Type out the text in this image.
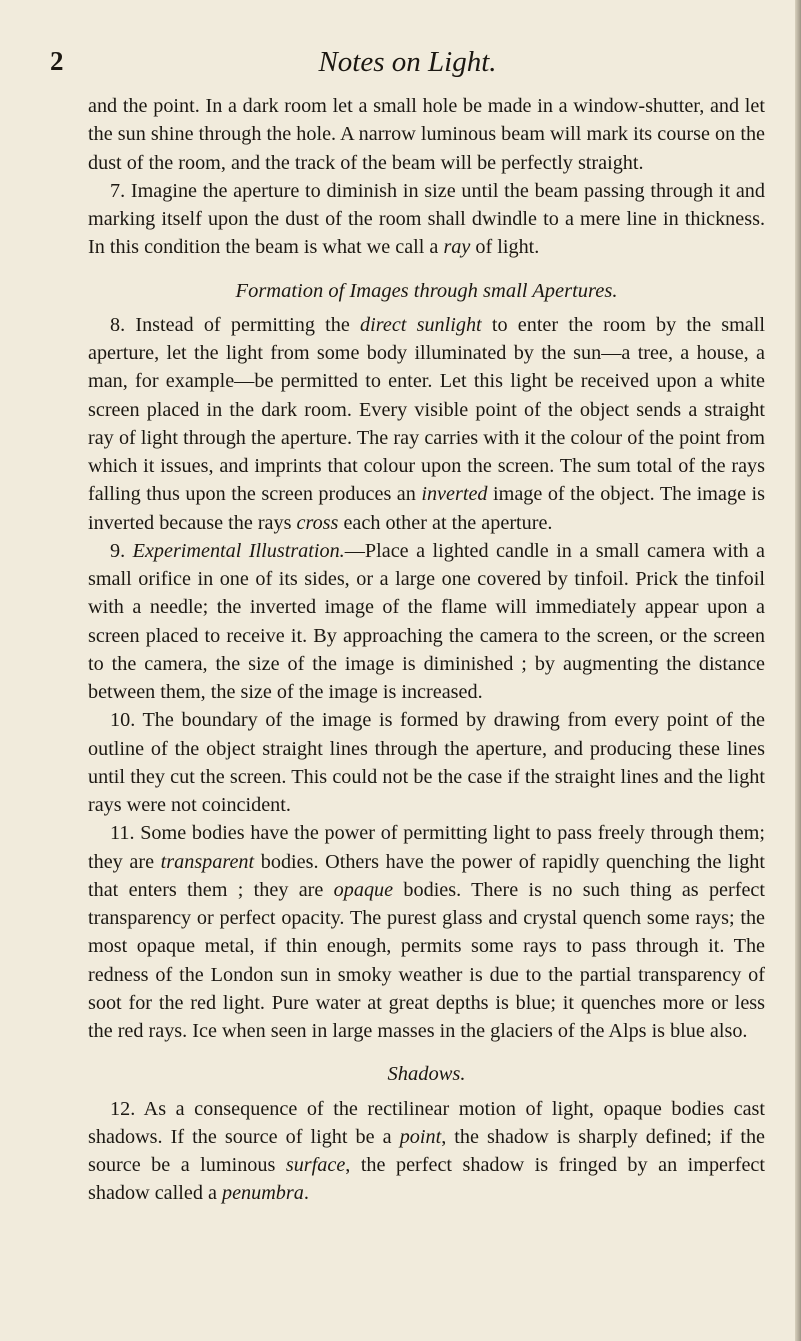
2	Notes on Light.

and the point. In a dark room let a small hole be made in a window-shutter, and let the sun shine through the hole. A narrow luminous beam will mark its course on the dust of the room, and the track of the beam will be perfectly straight.

7. Imagine the aperture to diminish in size until the beam passing through it and marking itself upon the dust of the room shall dwindle to a mere line in thickness. In this condition the beam is what we call a ray of light.

Formation of Images through small Apertures.

8. Instead of permitting the direct sunlight to enter the room by the small aperture, let the light from some body illuminated by the sun—a tree, a house, a man, for example—be permitted to enter. Let this light be received upon a white screen placed in the dark room. Every visible point of the object sends a straight ray of light through the aperture. The ray carries with it the colour of the point from which it issues, and imprints that colour upon the screen. The sum total of the rays falling thus upon the screen produces an inverted image of the object. The image is inverted because the rays cross each other at the aperture.

9. Experimental Illustration.—Place a lighted candle in a small camera with a small orifice in one of its sides, or a large one covered by tinfoil. Prick the tinfoil with a needle; the inverted image of the flame will immediately appear upon a screen placed to receive it. By approaching the camera to the screen, or the screen to the camera, the size of the image is diminished ; by augmenting the distance between them, the size of the image is increased.

10. The boundary of the image is formed by drawing from every point of the outline of the object straight lines through the aperture, and producing these lines until they cut the screen. This could not be the case if the straight lines and the light rays were not coincident.

11. Some bodies have the power of permitting light to pass freely through them; they are transparent bodies. Others have the power of rapidly quenching the light that enters them ; they are opaque bodies. There is no such thing as perfect transparency or perfect opacity. The purest glass and crystal quench some rays; the most opaque metal, if thin enough, permits some rays to pass through it. The redness of the London sun in smoky weather is due to the partial transparency of soot for the red light. Pure water at great depths is blue; it quenches more or less the red rays. Ice when seen in large masses in the glaciers of the Alps is blue also.

Shadows.

12. As a consequence of the rectilinear motion of light, opaque bodies cast shadows. If the source of light be a point, the shadow is sharply defined; if the source be a luminous surface, the perfect shadow is fringed by an imperfect shadow called a penumbra.
